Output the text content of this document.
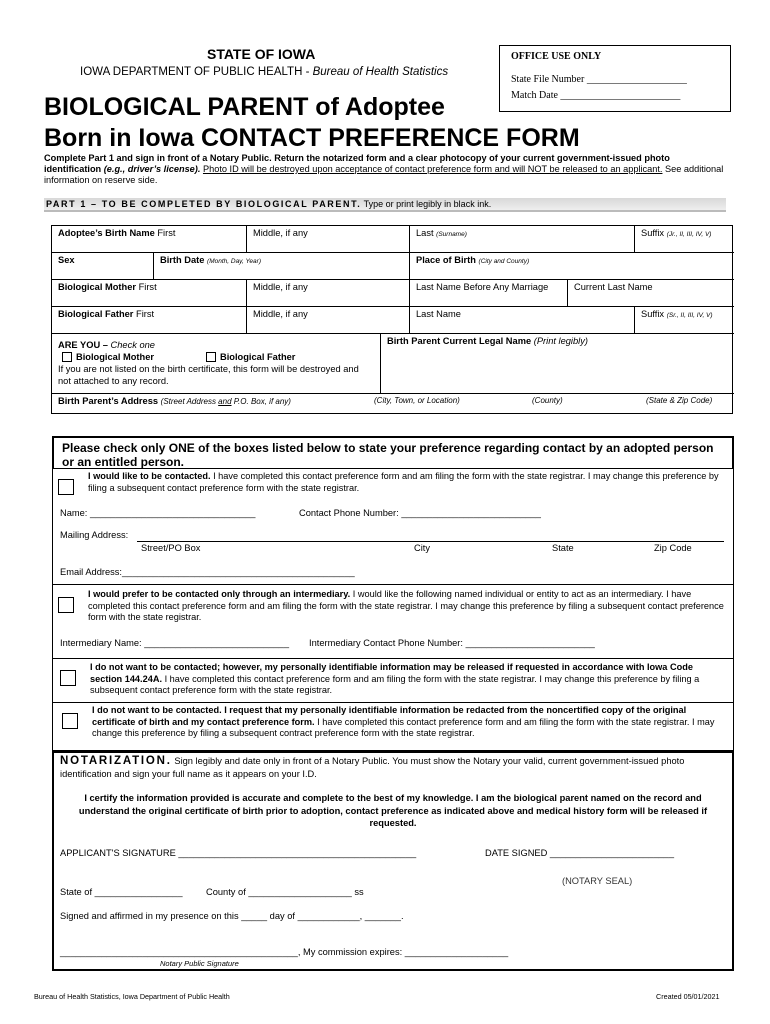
STATE OF IOWA
IOWA DEPARTMENT OF PUBLIC HEALTH - Bureau of Health Statistics
OFFICE USE ONLY
State File Number ____________________
Match Date ________________________
BIOLOGICAL PARENT of Adoptee
Born in Iowa CONTACT PREFERENCE FORM
Complete Part 1 and sign in front of a Notary Public. Return the notarized form and a clear photocopy of your current government-issued photo identification (e.g., driver’s license). Photo ID will be destroyed upon acceptance of contact preference form and will NOT be released to an applicant. See additional information on reserve side.
PART 1 – TO BE COMPLETED BY BIOLOGICAL PARENT. Type or print legibly in black ink.
Adoptee’s Birth Name First	Middle, if any	Last (Surname)	Suffix (Jr., II, III, IV, V)
Sex	Birth Date (Month, Day, Year)	Place of Birth (City and County)
Biological Mother First	Middle, if any	Last Name Before Any Marriage	Current Last Name
Biological Father First	Middle, if any	Last Name	Suffix (Sr., II, III, IV, V)
ARE YOU – Check one
Biological Mother	Biological Father
If you are not listed on the birth certificate, this form will be destroyed and not attached to any record.
Birth Parent Current Legal Name (Print legibly)
Birth Parent’s Address (Street Address and P.O. Box, if any)	(City, Town, or Location)	(County)	(State & Zip Code)
Please check only ONE of the boxes listed below to state your preference regarding contact by an adopted person or an entitled person.
I would like to be contacted. I have completed this contact preference form and am filing the form with the state registrar. I may change this preference by filing a subsequent contact preference form with the state registrar.
Name: ________________________________	Contact Phone Number: ___________________________
Mailing Address:
Street/PO Box	City	State	Zip Code
Email Address:_____________________________________________
I would prefer to be contacted only through an intermediary. I would like the following named individual or entity to act as an intermediary. I have completed this contact preference form and am filing the form with the state registrar. I may change this preference by filing a subsequent contact preference form with the state registrar.
Intermediary Name: ____________________________ Intermediary Contact Phone Number: _________________________
I do not want to be contacted; however, my personally identifiable information may be released if requested in accordance with Iowa Code section 144.24A. I have completed this contact preference form and am filing the form with the state registrar. I may change this preference by filing a subsequent contact preference form with the state registrar.
I do not want to be contacted. I request that my personally identifiable information be redacted from the noncertified copy of the original certificate of birth and my contact preference form. I have completed this contact preference form and am filing the form with the state registrar. I may change this preference by filing a subsequent contract preference form with the state registrar.
NOTARIZATION. Sign legibly and date only in front of a Notary Public. You must show the Notary your valid, current government-issued photo identification and sign your full name as it appears on your I.D.
I certify the information provided is accurate and complete to the best of my knowledge. I am the biological parent named on the record and understand the original certificate of birth prior to adoption, contact preference as indicated above and medical history form will be released if requested.
APPLICANT'S SIGNATURE ______________________________________________	DATE SIGNED ________________________
(NOTARY SEAL)
State of _________________	County of ____________________ ss
Signed and affirmed in my presence on this _____ day of ____________, _______.
______________________________________________, My commission expires: ____________________
Notary Public Signature
Bureau of Health Statistics, Iowa Department of Public Health	Created 05/01/2021
